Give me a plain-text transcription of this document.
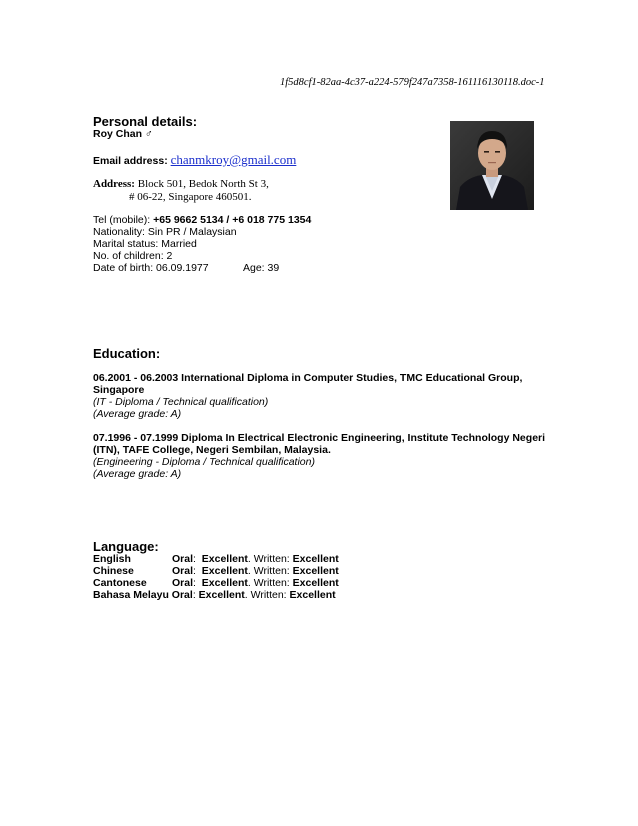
1f5d8cf1-82aa-4c37-a224-579f247a7358-161116130118.doc-1
Personal details:
Roy Chan ♂
Email address: chanmkroy@gmail.com
Address: Block 501, Bedok North St 3,
# 06-22, Singapore 460501.
Tel (mobile): +65 9662 5134 / +6 018 775 1354
Nationality: Sin PR / Malaysian
Marital status: Married
No. of children: 2
Date of birth: 06.09.1977	Age: 39
Education:
06.2001 - 06.2003 International Diploma in Computer Studies, TMC Educational Group,
Singapore
(IT - Diploma / Technical qualification)
(Average grade: A)
07.1996 - 07.1999 Diploma In Electrical Electronic Engineering, Institute Technology Negeri
(ITN), TAFE College, Negeri Sembilan, Malaysia.
(Engineering - Diploma / Technical qualification)
(Average grade: A)
Language:
English	Oral:  Excellent. Written: Excellent
Chinese	Oral:  Excellent. Written: Excellent
Cantonese Oral:  Excellent. Written: Excellent
Bahasa Melayu Oral: Excellent. Written: Excellent
